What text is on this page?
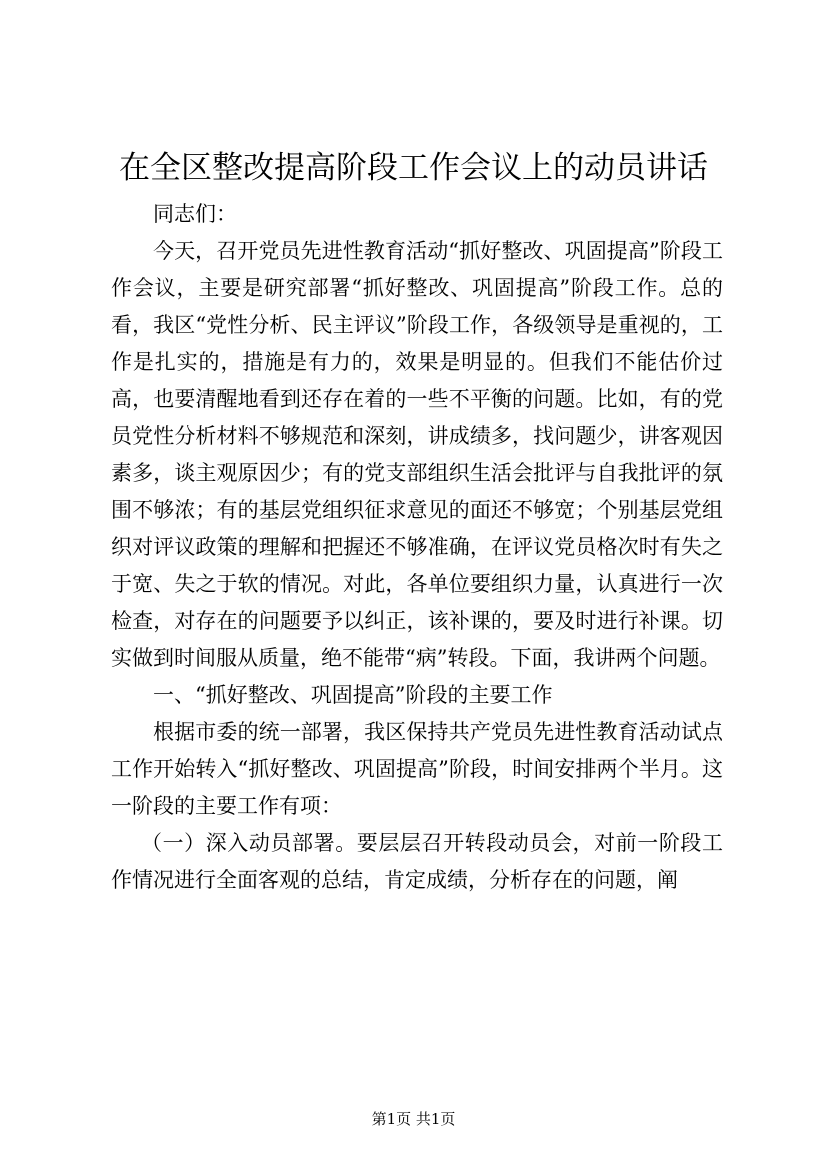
在全区整改提高阶段工作会议上的动员讲话

同志们：

今天，召开党员先进性教育活动“抓好整改、巩固提高”阶段工作会议，主要是研究部署“抓好整改、巩固提高”阶段工作。总的看，我区“党性分析、民主评议”阶段工作，各级领导是重视的，工作是扎实的，措施是有力的，效果是明显的。但我们不能估价过高，也要清醒地看到还存在着的一些不平衡的问题。比如，有的党员党性分析材料不够规范和深刻，讲成绩多，找问题少，讲客观因素多，谈主观原因少；有的党支部组织生活会批评与自我批评的氛围不够浓；有的基层党组织征求意见的面还不够宽；个别基层党组织对评议政策的理解和把握还不够准确，在评议党员格次时有失之于宽、失之于软的情况。对此，各单位要组织力量，认真进行一次检查，对存在的问题要予以纠正，该补课的，要及时进行补课。切实做到时间服从质量，绝不能带“病”转段。下面，我讲两个问题。

一、“抓好整改、巩固提高”阶段的主要工作

根据市委的统一部署，我区保持共产党员先进性教育活动试点工作开始转入“抓好整改、巩固提高”阶段，时间安排两个半月。这一阶段的主要工作有项：

（一）深入动员部署。要层层召开转段动员会，对前一阶段工作情况进行全面客观的总结，肯定成绩，分析存在的问题，阐

第1页 共1页
